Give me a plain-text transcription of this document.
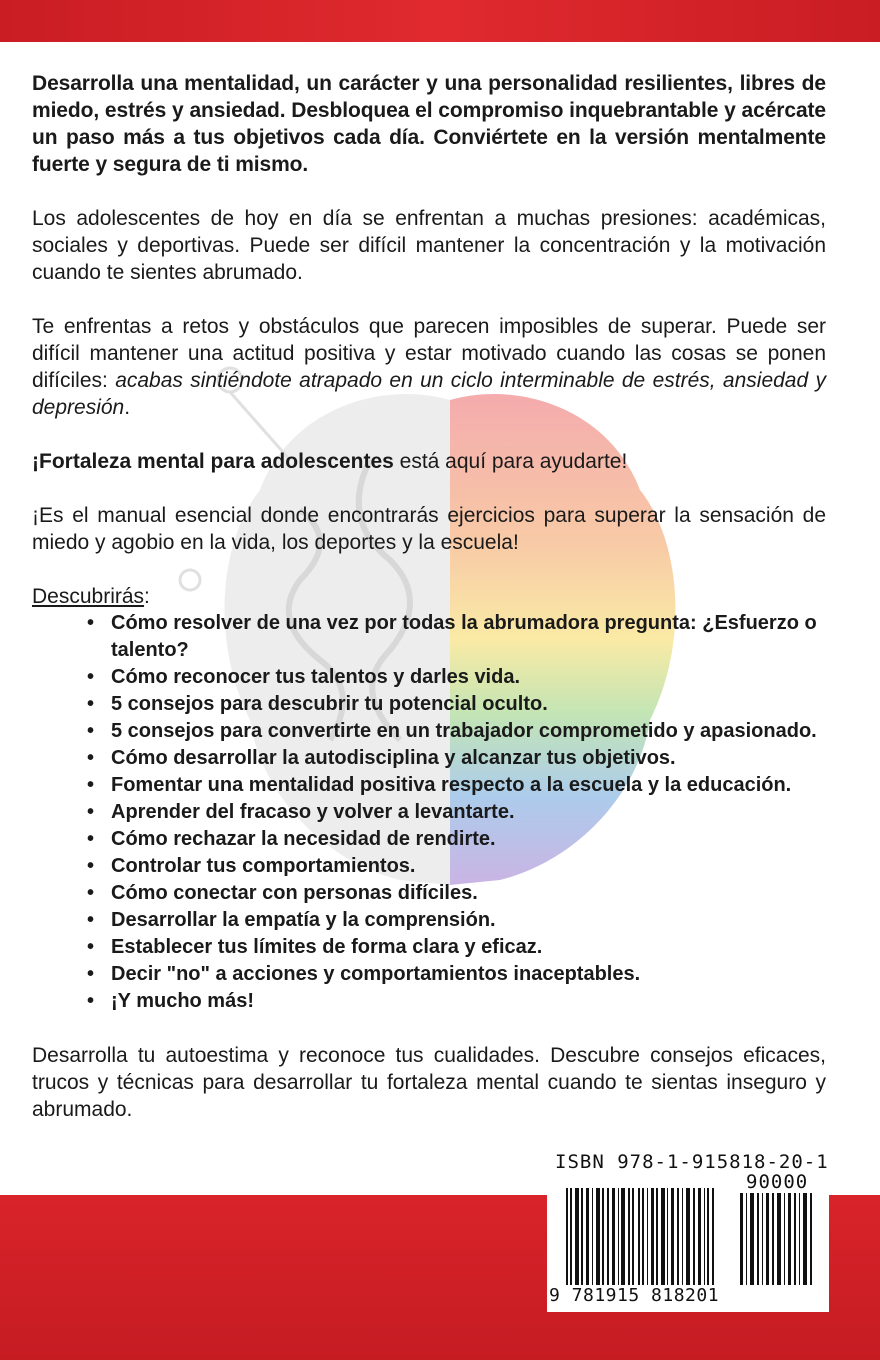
Desarrolla una mentalidad, un carácter y una personalidad resilientes, libres de miedo, estrés y ansiedad. Desbloquea el compromiso inquebrantable y acércate un paso más a tus objetivos cada día. Conviértete en la versión mentalmente fuerte y segura de ti mismo.

Los adolescentes de hoy en día se enfrentan a muchas presiones: académicas, sociales y deportivas. Puede ser difícil mantener la concentración y la motivación cuando te sientes abrumado.

Te enfrentas a retos y obstáculos que parecen imposibles de superar. Puede ser difícil mantener una actitud positiva y estar motivado cuando las cosas se ponen difíciles: acabas sintiéndote atrapado en un ciclo interminable de estrés, ansiedad y depresión.

¡Fortaleza mental para adolescentes está aquí para ayudarte!

¡Es el manual esencial donde encontrarás ejercicios para superar la sensación de miedo y agobio en la vida, los deportes y la escuela!

Descubrirás:
• Cómo resolver de una vez por todas la abrumadora pregunta: ¿Esfuerzo o talento?
• Cómo reconocer tus talentos y darles vida.
• 5 consejos para descubrir tu potencial oculto.
• 5 consejos para convertirte en un trabajador comprometido y apasionado.
• Cómo desarrollar la autodisciplina y alcanzar tus objetivos.
• Fomentar una mentalidad positiva respecto a la escuela y la educación.
• Aprender del fracaso y volver a levantarte.
• Cómo rechazar la necesidad de rendirte.
• Controlar tus comportamientos.
• Cómo conectar con personas difíciles.
• Desarrollar la empatía y la comprensión.
• Establecer tus límites de forma clara y eficaz.
• Decir "no" a acciones y comportamientos inaceptables.
• ¡Y mucho más!

Desarrolla tu autoestima y reconoce tus cualidades. Descubre consejos eficaces, trucos y técnicas para desarrollar tu fortaleza mental cuando te sientas inseguro y abrumado.

ISBN 978-1-915818-20-1
90000
9 781915 818201
